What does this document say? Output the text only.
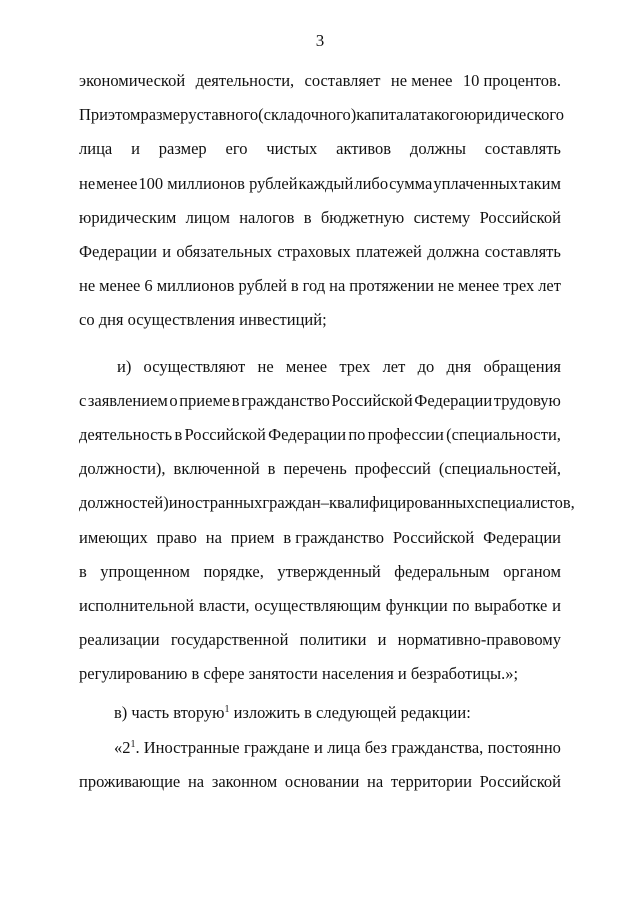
3
экономической деятельности, составляет не менее 10 процентов.
При этом размер уставного (складочного) капитала такого юридического
лица и размер его чистых активов должны составлять
не менее 100 миллионов рублей каждый либо сумма уплаченных таким
юридическим лицом налогов в бюджетную систему Российской
Федерации и обязательных страховых платежей должна составлять
не менее 6 миллионов рублей в год на протяжении не менее трех лет
со дня осуществления инвестиций;
и) осуществляют не менее трех лет до дня обращения
с заявлением о приеме в гражданство Российской Федерации трудовую
деятельность в Российской Федерации по профессии (специальности,
должности), включенной в перечень профессий (специальностей,
должностей) иностранных граждан – квалифицированных специалистов,
имеющих право на прием в гражданство Российской Федерации
в упрощенном порядке, утвержденный федеральным органом
исполнительной власти, осуществляющим функции по выработке и
реализации государственной политики и нормативно-правовому
регулированию в сфере занятости населения и безработицы.»;
в) часть вторую$^1$ изложить в следующей редакции:
«$2^1$. Иностранные граждане и лица без гражданства, постоянно
проживающие на законном основании на территории Российской
